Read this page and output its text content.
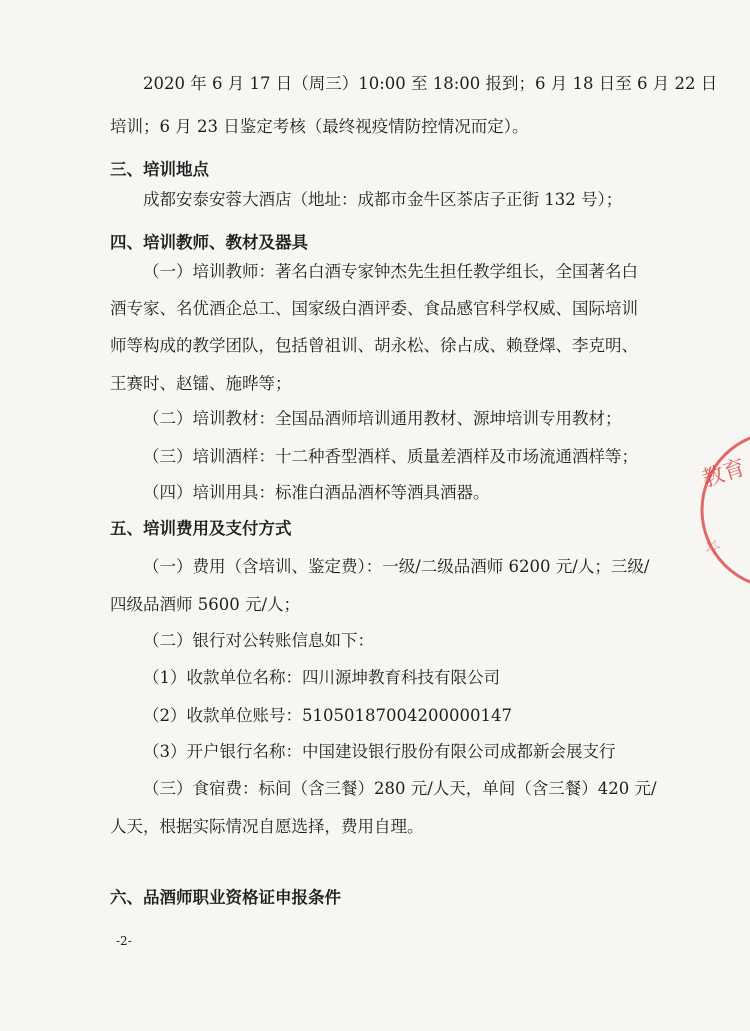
2020 年 6 月 17 日（周三）10:00 至 18:00 报到；6 月 18 日至 6 月 22 日
培训；6 月 23 日鉴定考核（最终视疫情防控情况而定）。
三、培训地点
成都安泰安蓉大酒店（地址：成都市金牛区茶店子正街 132 号）；
四、培训教师、教材及器具
（一）培训教师：著名白酒专家钟杰先生担任教学组长，全国著名白
酒专家、名优酒企总工、国家级白酒评委、食品感官科学权威、国际培训
师等构成的教学团队，包括曾祖训、胡永松、徐占成、赖登燡、李克明、
王赛时、赵镭、施晔等；
（二）培训教材：全国品酒师培训通用教材、源坤培训专用教材；
（三）培训酒样：十二种香型酒样、质量差酒样及市场流通酒样等；
（四）培训用具：标准白酒品酒杯等酒具酒器。
五、培训费用及支付方式
（一）费用（含培训、鉴定费）：一级/二级品酒师 6200 元/人；三级/
四级品酒师 5600 元/人；
（二）银行对公转账信息如下：
（1）收款单位名称：四川源坤教育科技有限公司
（2）收款单位账号：51050187004200000147
（3）开户银行名称：中国建设银行股份有限公司成都新会展支行
（三）食宿费：标间（含三餐）280 元/人天，单间（含三餐）420 元/
人天，根据实际情况自愿选择，费用自理。
六、品酒师职业资格证申报条件
-2-
教育
☆
